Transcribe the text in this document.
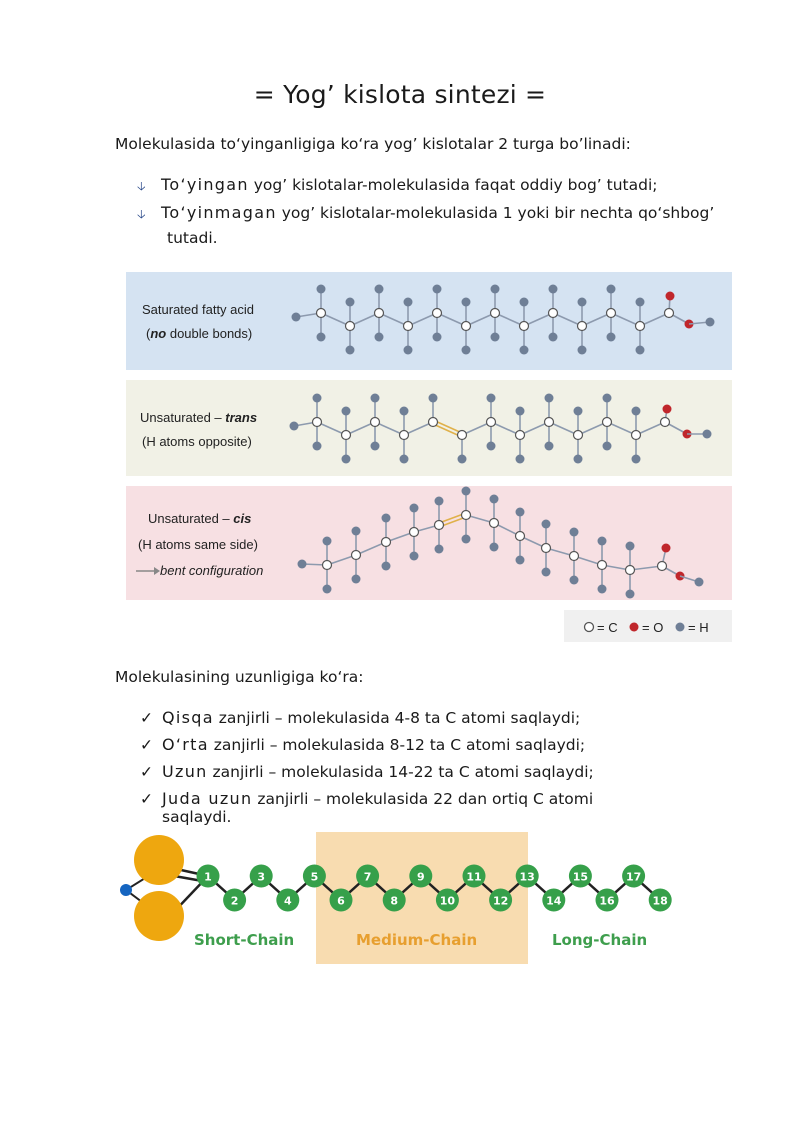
= Yog’ kislota sintezi =
Molekulasida to‘yinganligiga ko‘ra yog’ kislotalar 2 turga bo’linadi:
🡣 To‘yingan yog’ kislotalar-molekulasida faqat oddiy bog’ tutadi;
🡣 To‘yinmagan yog’ kislotalar-molekulasida 1 yoki bir nechta qo‘shbog’
tutadi.
Saturated fatty acid
(no double bonds)
Unsaturated – trans
(H atoms opposite)
Unsaturated – cis
(H atoms same side)
bent configuration
= C = O = H
Molekulasining uzunligiga ko‘ra:
✓ Qisqa zanjirli – molekulasida 4-8 ta C atomi saqlaydi;
✓ O‘rta zanjirli – molekulasida 8-12 ta C atomi saqlaydi;
✓ Uzun zanjirli – molekulasida 14-22 ta C atomi saqlaydi;
✓ Juda uzun zanjirli – molekulasida 22 dan ortiq C atomi
saqlaydi.
1
2
3
4
5
6
7
8
9
10
11
12
13
14
15
16
17
18
Short-Chain	Medium-Chain	Long-Chain
